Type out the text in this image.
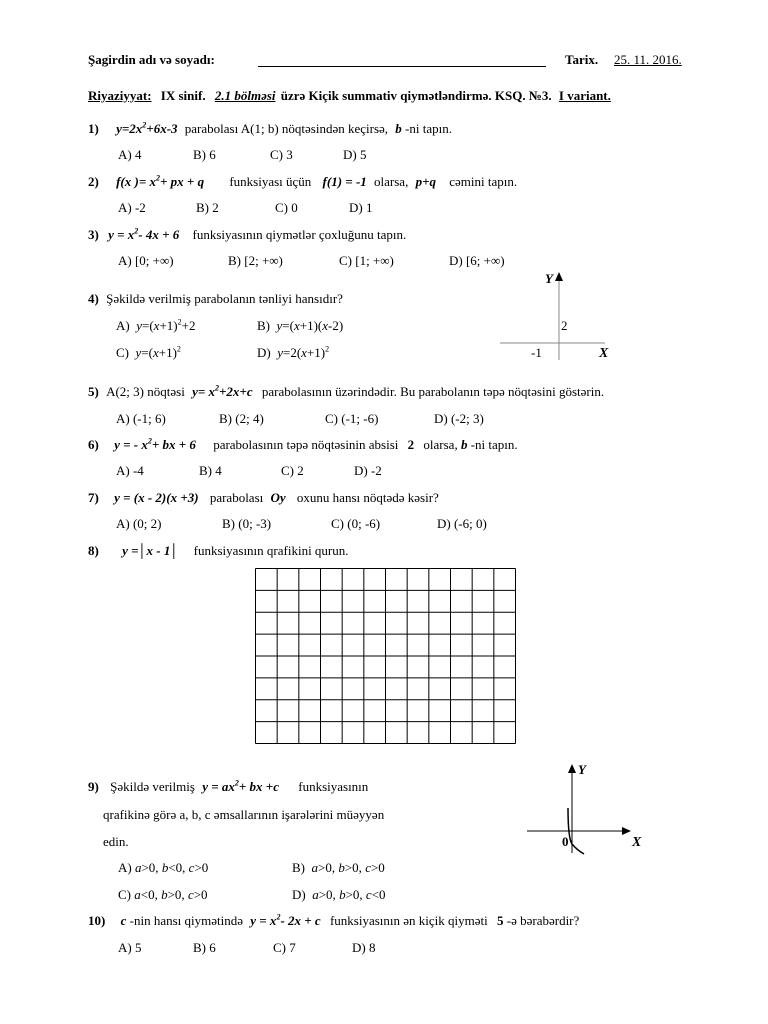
Şagirdin adı və soyadı:	Tarix. 25. 11. 2016.
Riyaziyyat: IX sinif. 2.1 bölməsi üzrə Kiçik summativ qiymətləndirmə. KSQ. №3. I variant.
1) $y=2x^2+6x-3$ parabolası A(1; b) nöqtəsindən keçirsə, b -ni tapın.
A) 4	B) 6	C) 3	D) 5
2) f(x )= $x^2+$ px + q funksiyası üçün f(1) = -1 olarsa, p+q cəmini tapın.
A) -2	B) 2	C) 0	D) 1
3) $y = x^2-$ 4x + 6 funksiyasının qiymətlər çoxluğunu tapın.
A) [0; +∞)	B) [2; +∞)	C) [1; +∞)	D) [6; +∞)
4) Şəkildə verilmiş parabolanın tənliyi hansıdır?
A)  $y=(x+1)^2+2$	B)  y=(x+1)(x-2)
C)  $y=(x+1)^2$	D)  $y=2(x+1)^2$
Y
2
-1	X
5) A(2; 3) nöqtəsi $y= x^2+2x+c$ parabolasının üzərindədir. Bu parabolanın təpə nöqtəsini göstərin.
A) (-1; 6)	B) (2; 4)	C) (-1; -6)	D) (-2; 3)
6) y = - $x^2+$ bx + 6 parabolasının təpə nöqtəsinin absisi 2 olarsa, b -ni tapın.
A) -4	B) 4	C) 2	D) -2
7) y = (x - 2)(x +3) parabolası Oy oxunu hansı nöqtədə kəsir?
A) (0; 2)	B) (0; -3)	C) (0; -6)	D) (-6; 0)
8) y =│x - 1│ funksiyasının qrafikini qurun.
9) Şəkildə verilmiş $y = ax^2+$ bx +c funksiyasının
qrafikinə görə a, b, c əmsallarının işarələrini müəyyən
edin.
A) a>0, b<0, c>0	B)  a>0, b>0, c>0
C) a<0, b>0, c>0	D)  a>0, b>0, c<0
Y
0	X
10) c -nin hansı qiymətində $y = x^2-$ 2x + c funksiyasının ən kiçik qiyməti 5 -ə bərabərdir?
A) 5	B) 6	C) 7	D) 8
